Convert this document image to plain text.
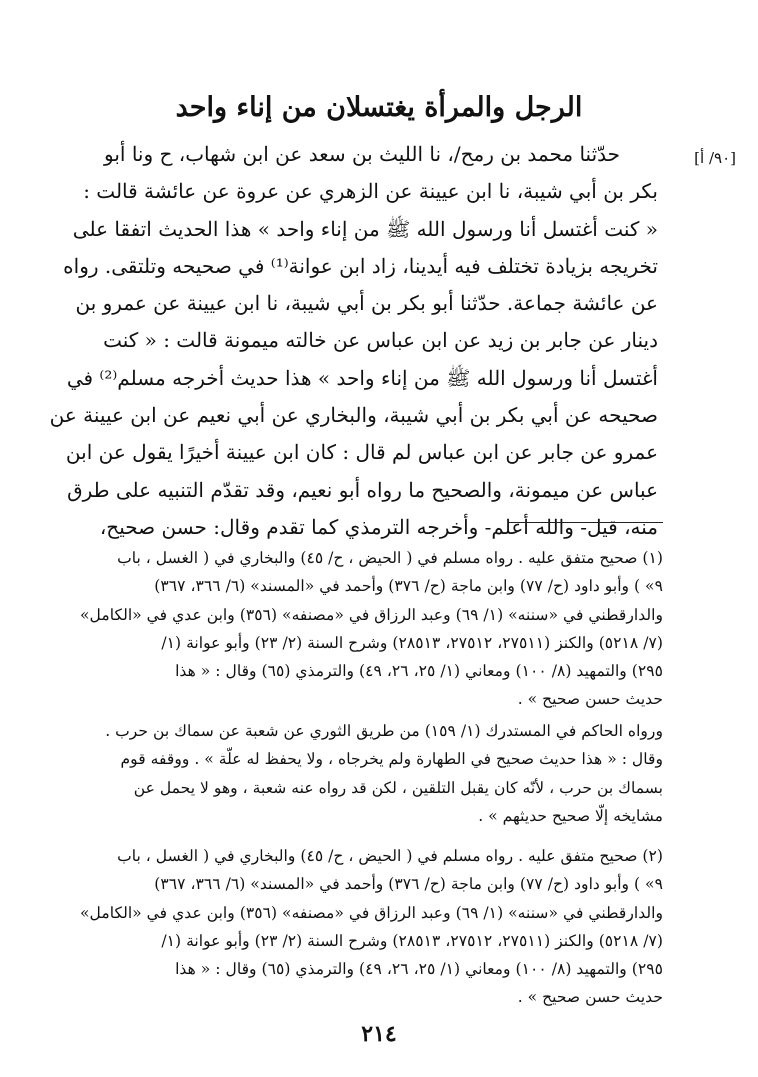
الرجل والمرأة يغتسلان من إناء واحد
[٩٠/ أ]
حدّثنا محمد بن رمح/، نا الليث بن سعد عن ابن شهاب، ح ونا أبو
بكر بن أبي شيبة، نا ابن عيينة عن الزهري عن عروة عن عائشة قالت :
« كنت أغتسل أنا ورسول الله ﷺ من إناء واحد » هذا الحديث اتفقا على
تخريجه بزيادة تختلف فيه أيدينا، زاد ابن عوانة⁽¹⁾ في صحيحه وتلتقى. رواه
عن عائشة جماعة. حدّثنا أبو بكر بن أبي شيبة، نا ابن عيينة عن عمرو بن
دينار عن جابر بن زيد عن ابن عباس عن خالته ميمونة قالت : « كنت
أغتسل أنا ورسول الله ﷺ من إناء واحد » هذا حديث أخرجه مسلم⁽²⁾ في
صحيحه عن أبي بكر بن أبي شيبة، والبخاري عن أبي نعيم عن ابن عيينة عن
عمرو عن جابر عن ابن عباس لم قال : كان ابن عيينة أخيرًا يقول عن ابن
عباس عن ميمونة، والصحيح ما رواه أبو نعيم، وقد تقدّم التنبيه على طرق
منه، قيل- والله أعلم- وأخرجه الترمذي كما تقدم وقال: حسن صحيح،
(١) صحيح متفق عليه . رواه مسلم في ( الحيض ، ح/ ٤٥) والبخاري في ( الغسل ، باب
٩» ) وأبو داود (ح/ ٧٧) وابن ماجة (ح/ ٣٧٦) وأحمد في «المسند» (٦/ ٣٦٦، ٣٦٧)
والدارقطني في «سننه» (١/ ٦٩) وعبد الرزاق في «مصنفه» (٣٥٦) وابن عدي في «الكامل»
(٧/ ٥٢١٨) والكنز (٢٧٥١١، ٢٧٥١٢، ٢٨٥١٣) وشرح السنة (٢/ ٢٣) وأبو عوانة (١/
٢٩٥) والتمهيد (٨/ ١٠٠) ومعاني (١/ ٢٥، ٢٦، ٤٩) والترمذي (٦٥) وقال : « هذا
حديث حسن صحيح » .
ورواه الحاكم في المستدرك (١/ ١٥٩) من طريق الثوري عن شعبة عن سماك بن حرب .
وقال : « هذا حديث صحيح في الطهارة ولم يخرجاه ، ولا يحفظ له علّة » . ووقفه قوم
بسماك بن حرب ، لأنّه كان يقبل التلقين ، لكن قد رواه عنه شعبة ، وهو لا يحمل عن
مشايخه إلّا صحيح حديثهم » .
(٢) صحيح متفق عليه . رواه مسلم في ( الحيض ، ح/ ٤٥) والبخاري في ( الغسل ، باب
٩» ) وأبو داود (ح/ ٧٧) وابن ماجة (ح/ ٣٧٦) وأحمد في «المسند» (٦/ ٣٦٦، ٣٦٧)
والدارقطني في «سننه» (١/ ٦٩) وعبد الرزاق في «مصنفه» (٣٥٦) وابن عدي في «الكامل»
(٧/ ٥٢١٨) والكنز (٢٧٥١١، ٢٧٥١٢، ٢٨٥١٣) وشرح السنة (٢/ ٢٣) وأبو عوانة (١/
٢٩٥) والتمهيد (٨/ ١٠٠) ومعاني (١/ ٢٥، ٢٦، ٤٩) والترمذي (٦٥) وقال : « هذا
حديث حسن صحيح » .
٢١٤
